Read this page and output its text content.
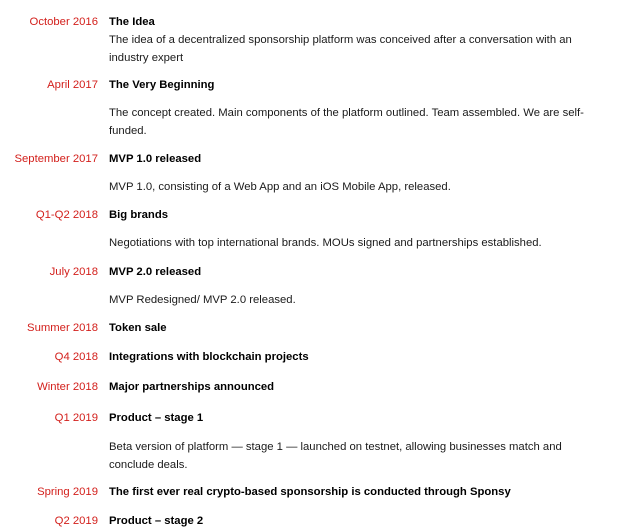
October 2016 The Idea
The idea of a decentralized sponsorship platform was conceived after a conversation with an industry expert
April 2017 The Very Beginning
The concept created. Main components of the platform outlined. Team assembled. We are self-funded.
September 2017 MVP 1.0 released
MVP 1.0, consisting of a Web App and an iOS Mobile App, released.
Q1-Q2 2018 Big brands
Negotiations with top international brands. MOUs signed and partnerships established.
July 2018 MVP 2.0 released
MVP Redesigned/ MVP 2.0 released.
Summer 2018 Token sale
Q4 2018 Integrations with blockchain projects
Winter 2018 Major partnerships announced
Q1 2019 Product – stage 1
Beta version of platform — stage 1 — launched on testnet, allowing businesses match and conclude deals.
Spring 2019 The first ever real crypto-based sponsorship is conducted through Sponsy
Q2 2019 Product – stage 2
